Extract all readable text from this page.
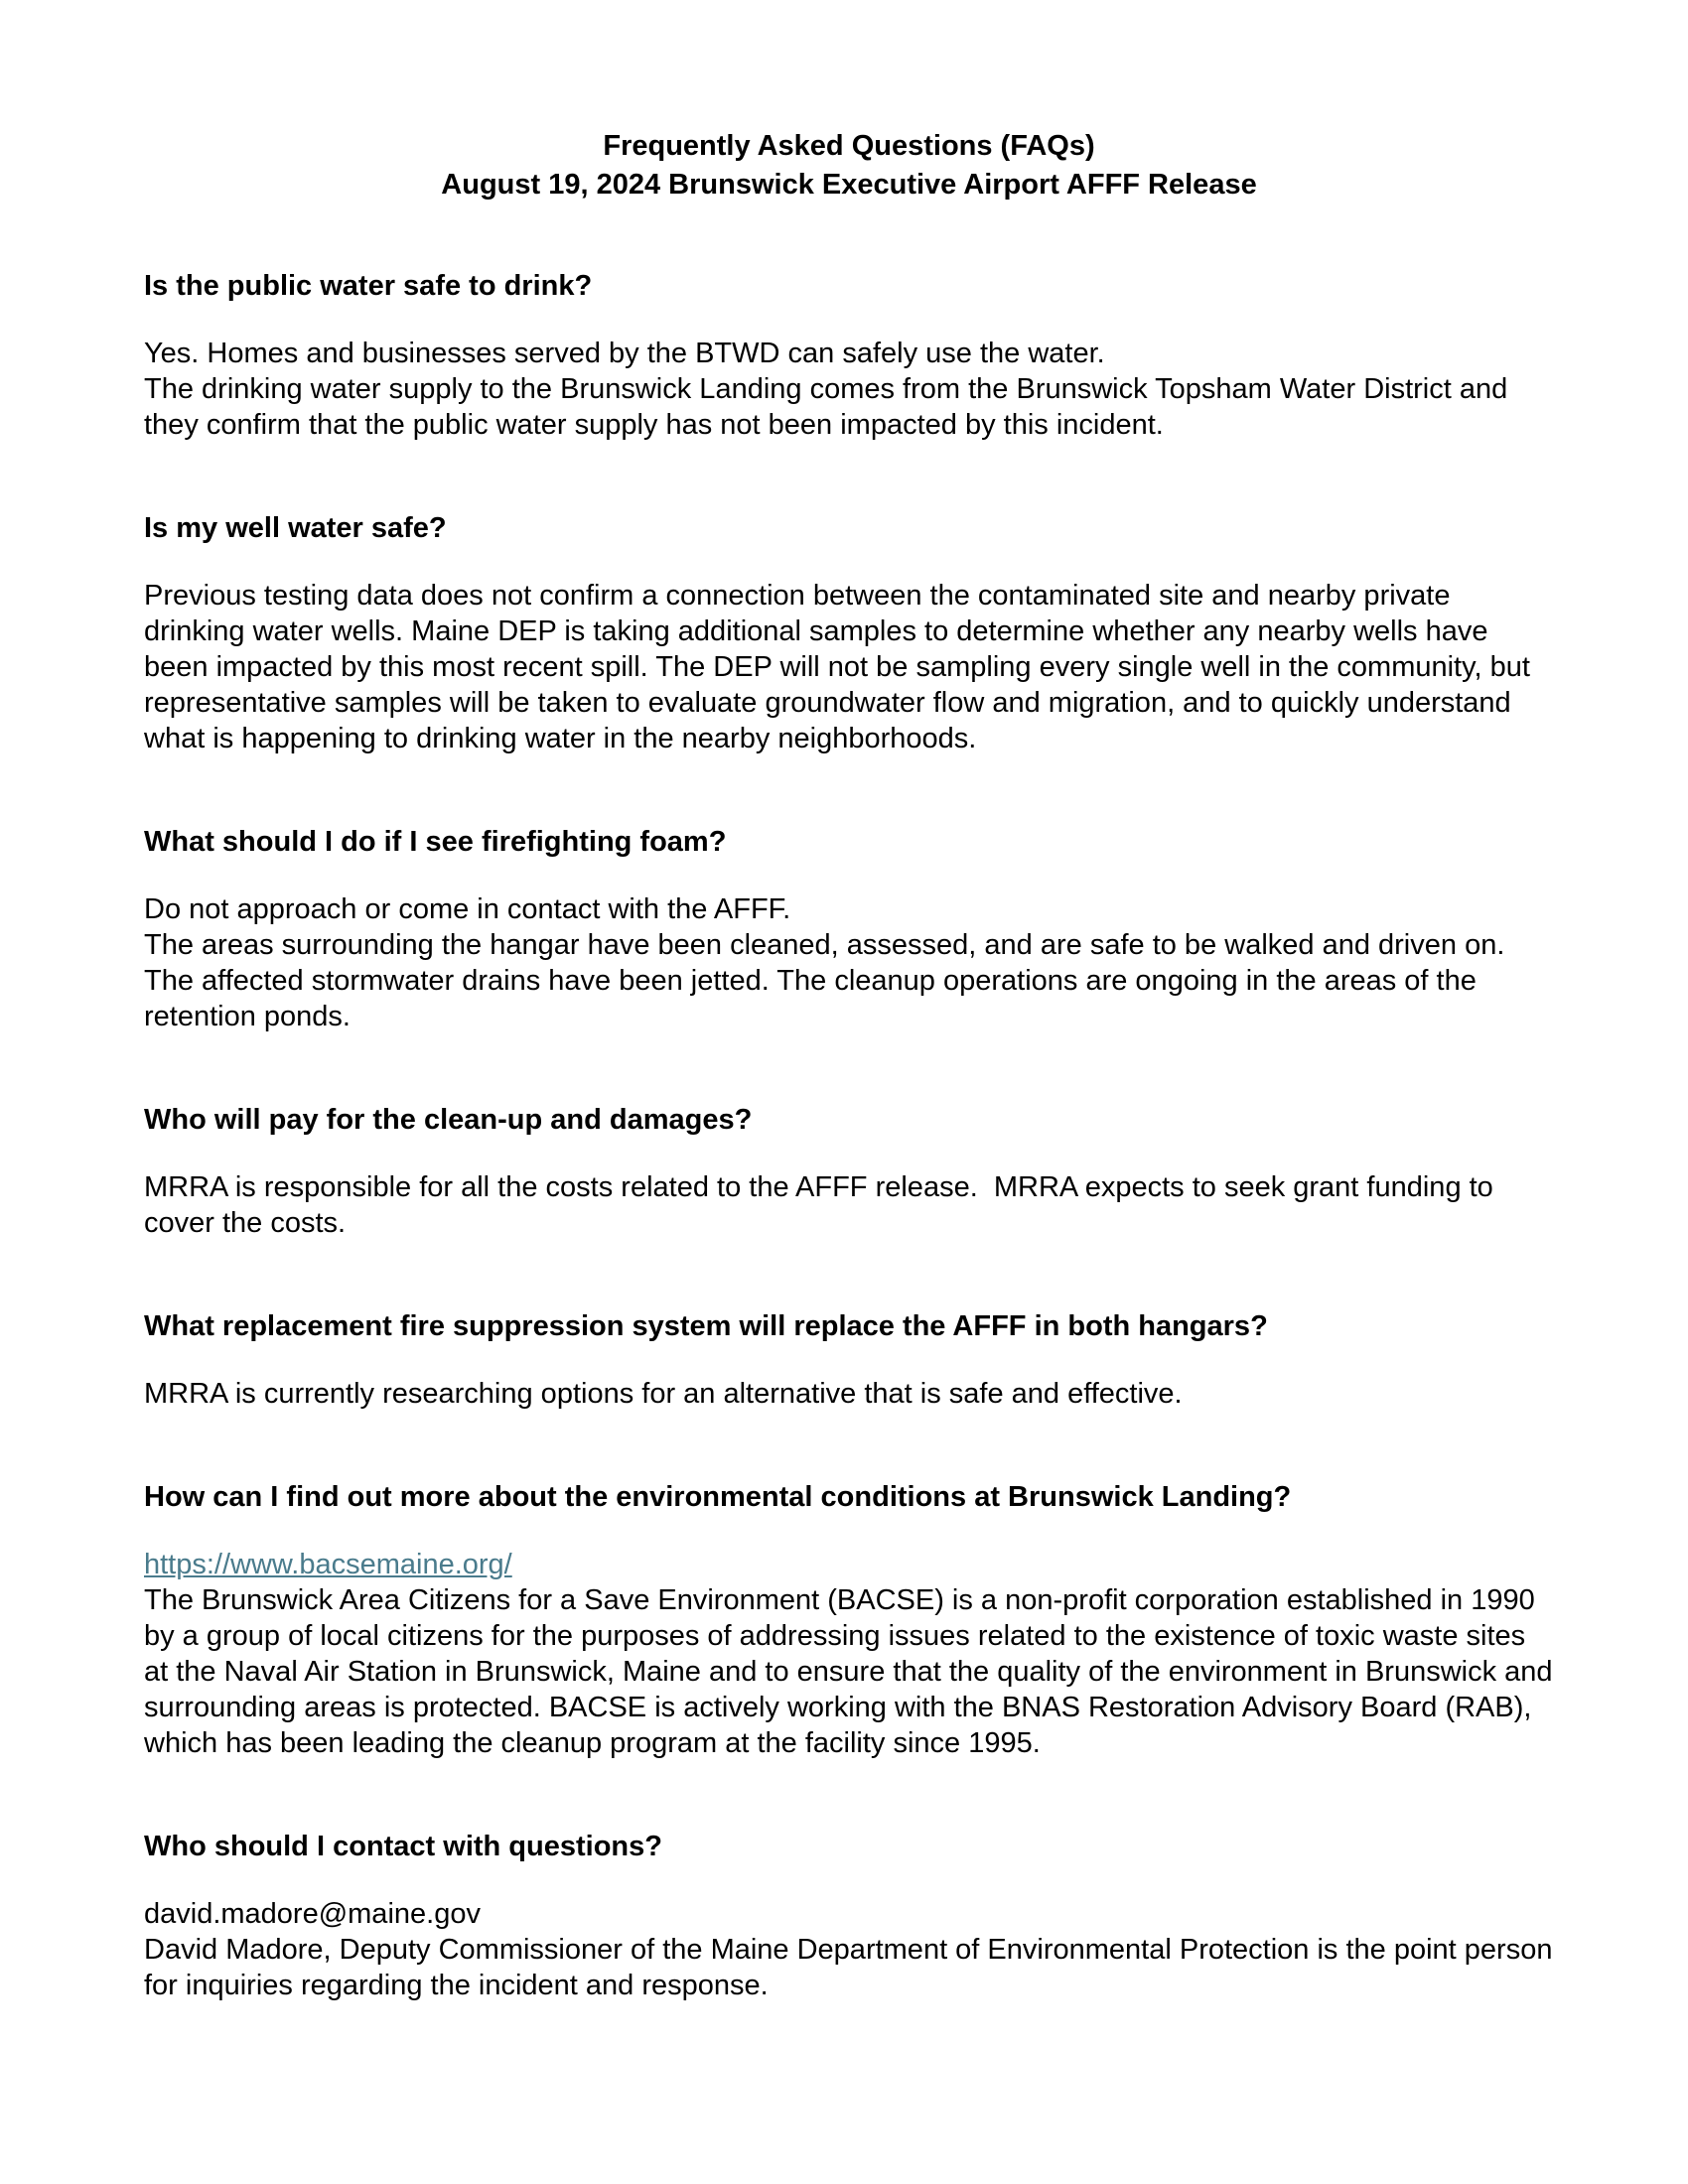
Frequently Asked Questions (FAQs)
August 19, 2024 Brunswick Executive Airport AFFF Release
Is the public water safe to drink?

Yes. Homes and businesses served by the BTWD can safely use the water.

The drinking water supply to the Brunswick Landing comes from the Brunswick Topsham Water District and they confirm that the public water supply has not been impacted by this incident.

Is my well water safe?

Previous testing data does not confirm a connection between the contaminated site and nearby private drinking water wells. Maine DEP is taking additional samples to determine whether any nearby wells have been impacted by this most recent spill. The DEP will not be sampling every single well in the community, but representative samples will be taken to evaluate groundwater flow and migration, and to quickly understand what is happening to drinking water in the nearby neighborhoods.

What should I do if I see firefighting foam?

Do not approach or come in contact with the AFFF.

The areas surrounding the hangar have been cleaned, assessed, and are safe to be walked and driven on. The affected stormwater drains have been jetted. The cleanup operations are ongoing in the areas of the retention ponds.

Who will pay for the clean-up and damages?

MRRA is responsible for all the costs related to the AFFF release.  MRRA expects to seek grant funding to cover the costs.

What replacement fire suppression system will replace the AFFF in both hangars?

MRRA is currently researching options for an alternative that is safe and effective.

How can I find out more about the environmental conditions at Brunswick Landing?
https://www.bacsemaine.org/

The Brunswick Area Citizens for a Save Environment (BACSE) is a non-profit corporation established in 1990 by a group of local citizens for the purposes of addressing issues related to the existence of toxic waste sites at the Naval Air Station in Brunswick, Maine and to ensure that the quality of the environment in Brunswick and surrounding areas is protected. BACSE is actively working with the BNAS Restoration Advisory Board (RAB), which has been leading the cleanup program at the facility since 1995.

Who should I contact with questions?

david.madore@maine.gov

David Madore, Deputy Commissioner of the Maine Department of Environmental Protection is the point person for inquiries regarding the incident and response.
